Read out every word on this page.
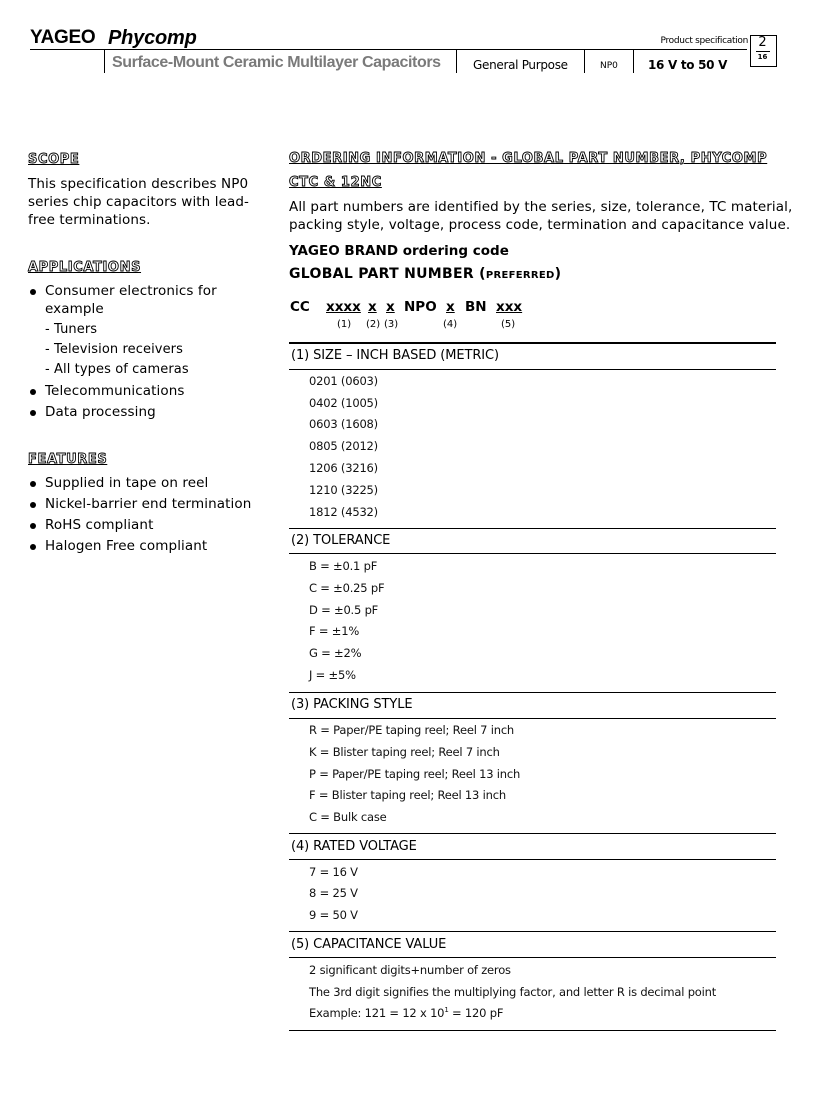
YAGEO Phycomp	Product specification 2
16
Surface-Mount Ceramic Multilayer Capacitors	General Purpose	NP0	16 V to 50 V
SCOPE
This specification describes NP0
series chip capacitors with lead-
free terminations.
APPLICATIONS
Consumer electronics for
example
- Tuners
- Television receivers
- All types of cameras
Telecommunications
Data processing
FEATURES
Supplied in tape on reel
Nickel-barrier end termination
RoHS compliant
Halogen Free compliant
ORDERING INFORMATION - GLOBAL PART NUMBER, PHYCOMP
CTC & 12NC
All part numbers are identified by the series, size, tolerance, TC material,
packing style, voltage, process code, termination and capacitance value.
YAGEO BRAND ordering code
GLOBAL PART NUMBER (preferred)
CC xxxx x x NPO x BN xxx
(1) (2) (3)	(4)	(5)
(1) SIZE – INCH BASED (METRIC)
0201 (0603)
0402 (1005)
0603 (1608)
0805 (2012)
1206 (3216)
1210 (3225)
1812 (4532)
(2) TOLERANCE
B = ±0.1 pF
C = ±0.25 pF
D = ±0.5 pF
F = ±1%
G = ±2%
J = ±5%
(3) PACKING STYLE
R = Paper/PE taping reel; Reel 7 inch
K = Blister taping reel; Reel 7 inch
P = Paper/PE taping reel; Reel 13 inch
F = Blister taping reel; Reel 13 inch
C = Bulk case
(4) RATED VOLTAGE
7 = 16 V
8 = 25 V
9 = 50 V
(5) CAPACITANCE VALUE
2 significant digits+number of zeros
The 3rd digit signifies the multiplying factor, and letter R is decimal point
Example: 121 = 12 x $10^1 = 120$ pF
